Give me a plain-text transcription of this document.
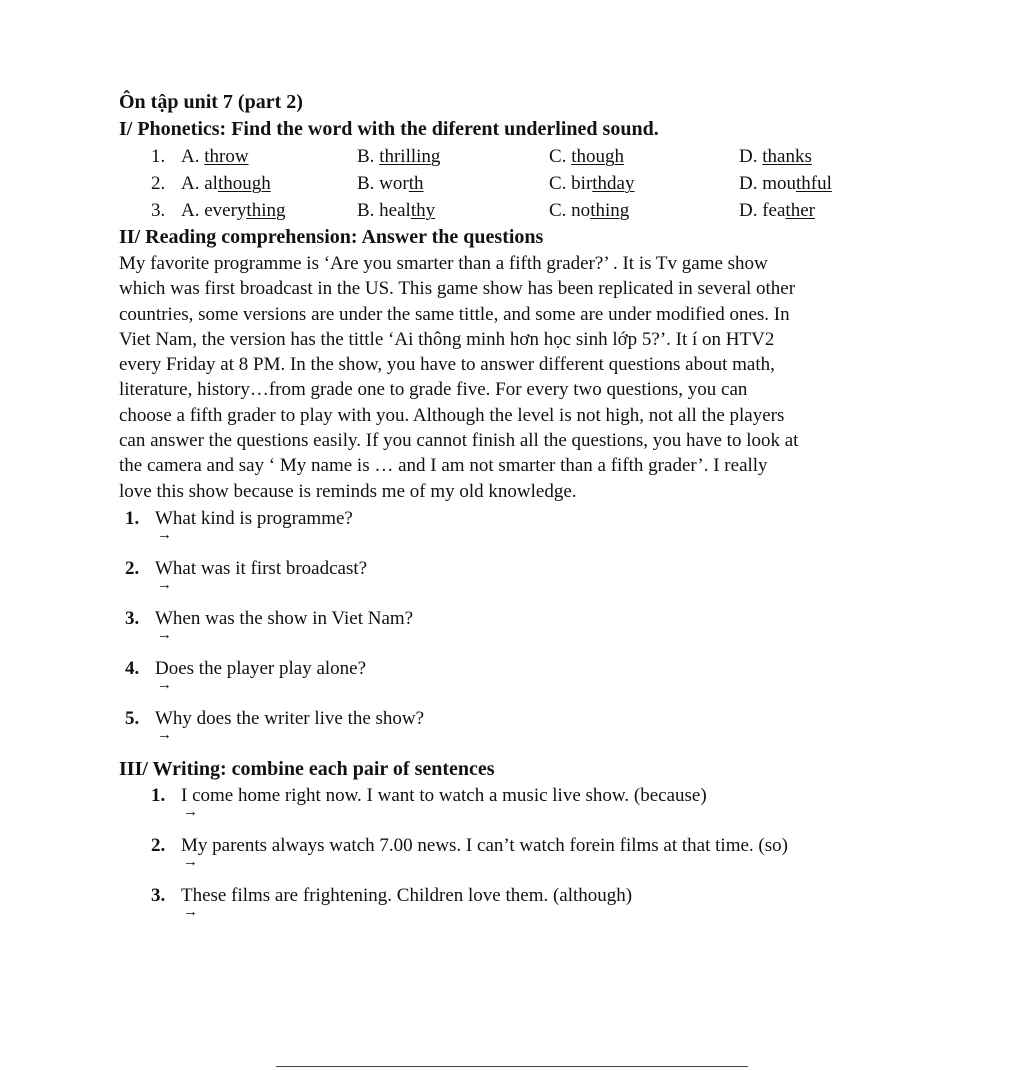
Ôn tập unit 7 (part 2)
I/ Phonetics: Find the word with the diferent underlined sound.
1. A. throw	B. thrilling	C. though	D. thanks
2. A. although	B. worth	C. birthday	D. mouthful
3. A. everything	B. healthy	C. nothing	D. feather
II/ Reading comprehension: Answer the questions
My favorite programme is ‘Are you smarter than a fifth grader?’ . It is Tv game show
which was first broadcast in the US. This game show has been replicated in several other
countries, some versions are under the same tittle, and some are under modified ones. In
Viet Nam, the version has the tittle ‘Ai thông minh hơn học sinh lớp 5?’. It í on HTV2
every Friday at 8 PM. In the show, you have to answer different questions about math,
literature, history…from grade one to grade five. For every two questions, you can
choose a fifth grader to play with you. Although the level is not high, not all the players
can answer the questions easily. If you cannot finish all the questions, you have to look at
the camera and say ‘ My name is … and I am not smarter than a fifth grader’. I really
love this show because is reminds me of my old knowledge.
1. What kind is programme?
→
2. What was it first broadcast?
→
3. When was the show in Viet Nam?
→
4. Does the player play alone?
→
5. Why does the writer live the show?
→
III/ Writing: combine each pair of sentences
1. I come home right now. I want to watch a music live show. (because)
→
2. My parents always watch 7.00 news. I can’t watch forein films at that time. (so)
→
3. These films are frightening. Children love them. (although)
→
